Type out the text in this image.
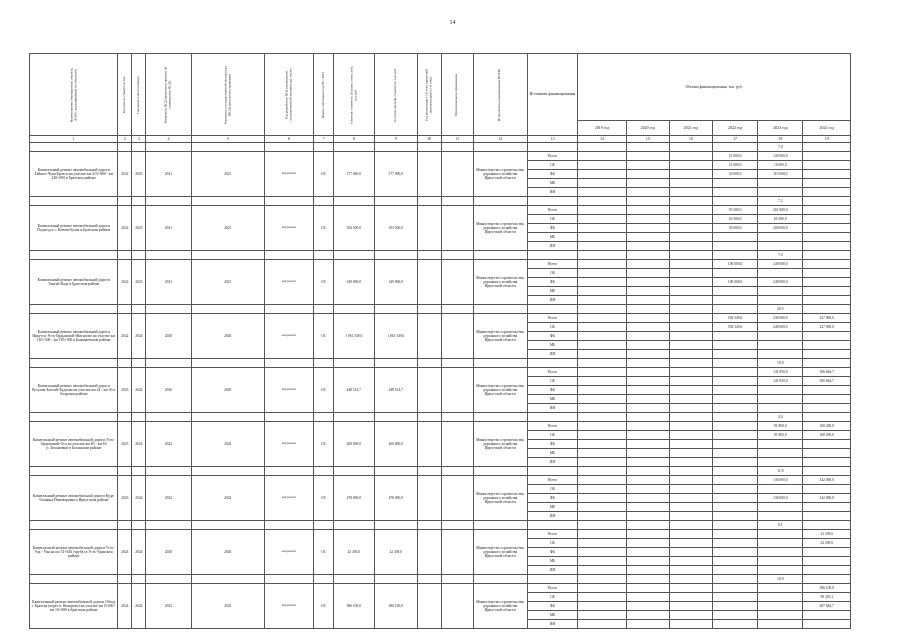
14
Наименование мероприятия, объекта, ФЗР (с расшифровкой по объектам)	Год начала строительства	Год ввода в эксплуатацию	Реквизиты ПСД (реквизиты приказа об утверждении ПСД)	Реквизиты государственной экспертизы (ПСД) (результаты проверки)	Год разработки ПСД (проведение государственной экспертизы), месяц	Форма собственности (ГС/ МС)	Сметная стоимость (в ценах соотв. лет), тыс.руб.	Остаток сметной стоимости, тыс.руб.	Год реализации (1-й этап проектной документации) (1-й этап)	Муниципальное образование	Исполнитель (наименование ИОГВ)	Источники финансирования	Объемы финансирования, тыс. руб.					
													2019 год	2020 год	2021 год	2022 год	2023 год	2024 год
1	2	3	4	5	6	7	8	9	10	11	12	13	14	15	16	17	18	19
																	7.0	
Капитальный ремонт автомобильной дороги Тайшет-Чуна-Братск на участке км 215+000 - км 220+000 в Братском районе	2022	2023	2021	2021	кап.ремонт	ОС	177 000,0	177 000,0			Министерство строительства, дорожного хозяйства Иркутской области	Всего				51 000,0	126 000,0	
												ОБ				21 000,0	16 000,0	
												ФБ				30 000,0	110 000,0	
												МБ						
												ИИ						
																	7.2	
Капитальный ремонт автомобильной дороги Подъезд к с. Ключи-Булак в Братском районе	2022	2023	2021	2021	кап.ремонт	ОС	354 500,0	354 500,0			Министерство строительства, дорожного хозяйства Иркутской области	Всего				93 500,0	261 000,0	
												ОБ				43 500,0	61 000,0	
												ФБ				50 000,0	200 000,0	
												МБ						
												ИИ						
																	7.4	
Капитальный ремонт автомобильной дороги Тангуй-Када в Братском районе	2022	2023	2021	2021	кап.ремонт	ОС	349 000,0	349 000,0			Министерство строительства, дорожного хозяйства Иркутской области	Всего				100 000,0	249 000,0	
												ОБ						
												ФБ				100 000,0	249 000,0	
												МБ						
												ИИ						
																	20.5	
Капитальный ремонт автомобильной дороги Иркутск-Усть-Ордынский-Жигалово на участке км 165+500 - км 185+500 в Баяндаевском районе	2022	2024	2020	2020	кап.ремонт	ОС	1 061 349,6	1 061 349,6			Министерство строительства, дорожного хозяйства Иркутской области	Всего				594 349,6	240 000,0	227 000,0
												ОБ				594 349,6	240 000,0	227 000,0
												ФБ						
												МБ						
												ИИ						
																	19.0	
Капитальный ремонт автомобильной дороги Кутулик-Бахтай-Хадахан на участке км 24 - км 43 в Аларском районе	2023	2024	2020	2020	кап.ремонт	ОС	448 514,7	448 514,7			Министерство строительства, дорожного хозяйства Иркутской области	Всего					141 850,0	306 664,7
												ОБ					141 850,0	306 664,7
												ФБ						
												МБ						
												ИИ						
																	2.0	
Капитальный ремонт автомобильной дороги Усть-Ордынский-Оса на участке км 63 - км 65 (с.Тихановка) в Боханском районе	2023	2024	2022	2022	кап.ремонт	ОС	260 000,0	260 000,0			Министерство строительства, дорожного хозяйства Иркутской области	Всего					91 800,0	168 200,0
												ОБ					91 800,0	168 200,0
												ФБ						
												МБ						
												ИИ						
																	11.8	
Капитальный ремонт автомобильной дороги Куда-Тальяны-Пивоваровка в Иркутском районе	2023	2024	2022	2022	кап.ремонт	ОС	478 000,0	478 000,0			Министерство строительства, дорожного хозяйства Иркутской области	Всего					136 000,0	342 000,0
												ОБ						
												ФБ					136 000,0	342 000,0
												МБ						
												ИИ						
																	0.1	
Капитальный ремонт автомобильной дороги Усть-Уда - Уян на км 74+826 (труба) в Усть-Удинском районе	2024	2024	2020	2020	кап.ремонт	ОС	22 439,6	22 439,6			Министерство строительства, дорожного хозяйства Иркутской области	Всего						22 439,6
												ОБ						22 439,6
												ФБ						
												МБ						
												ИИ						
																	10.0	
Капитальный ремонт автомобильной дороги Обход г. Братска (через п. Вихорево) на участке км 0+000 - км 10+000 в Братском районе	2024	2024	2022	2022	кап.ремонт	ОС	386 100,0	386 100,0			Министерство строительства, дорожного хозяйства Иркутской области	Всего						386 100,0
												ОБ						98 435,3
												ФБ						287 664,7
												МБ						
												ИИ						
